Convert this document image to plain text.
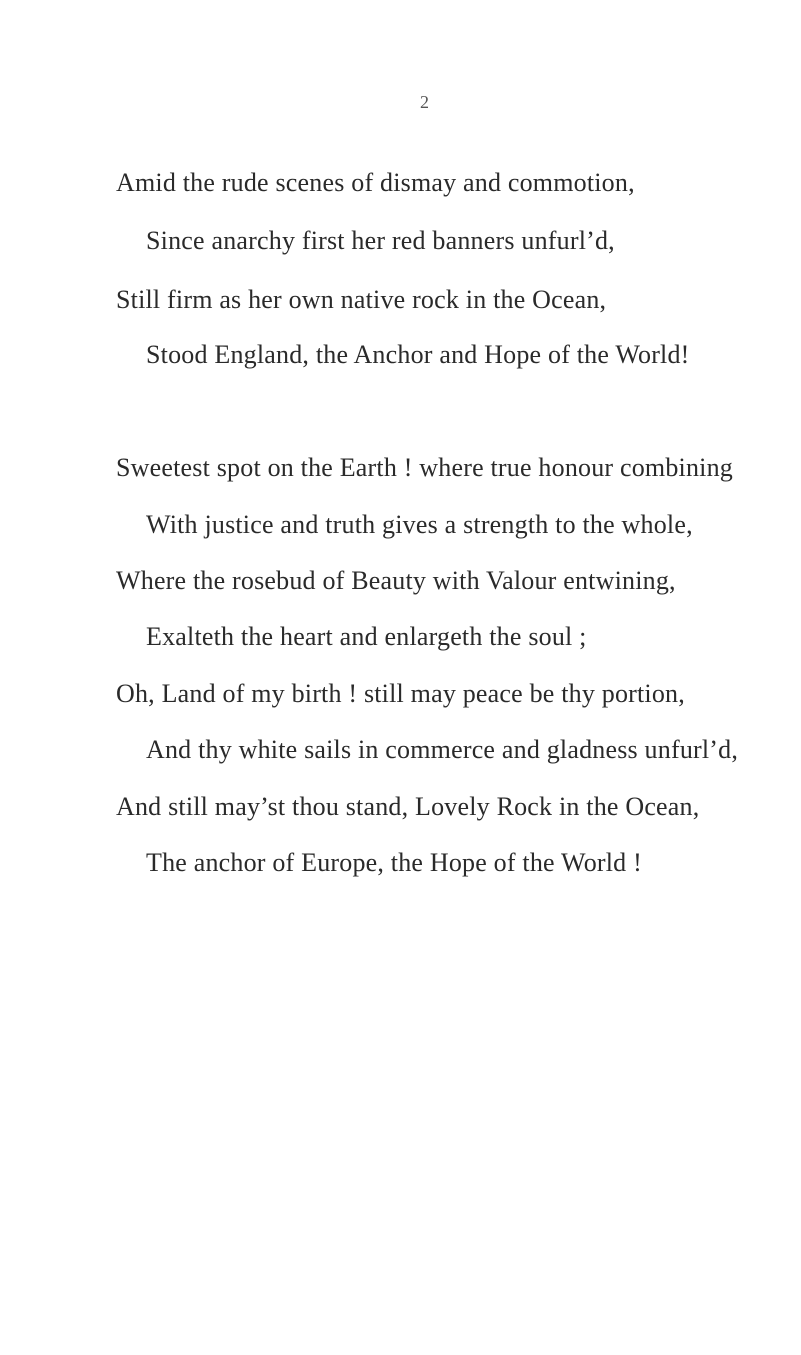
2
Amid the rude scenes of dismay and commotion,
Since anarchy first her red banners unfurl’d,
Still firm as her own native rock in the Ocean,
Stood England, the Anchor and Hope of the World!
Sweetest spot on the Earth ! where true honour combining
With justice and truth gives a strength to the whole,
Where the rosebud of Beauty with Valour entwining,
Exalteth the heart and enlargeth the soul ;
Oh, Land of my birth ! still may peace be thy portion,
And thy white sails in commerce and gladness unfurl’d,
And still may’st thou stand, Lovely Rock in the Ocean,
The anchor of Europe, the Hope of the World !
